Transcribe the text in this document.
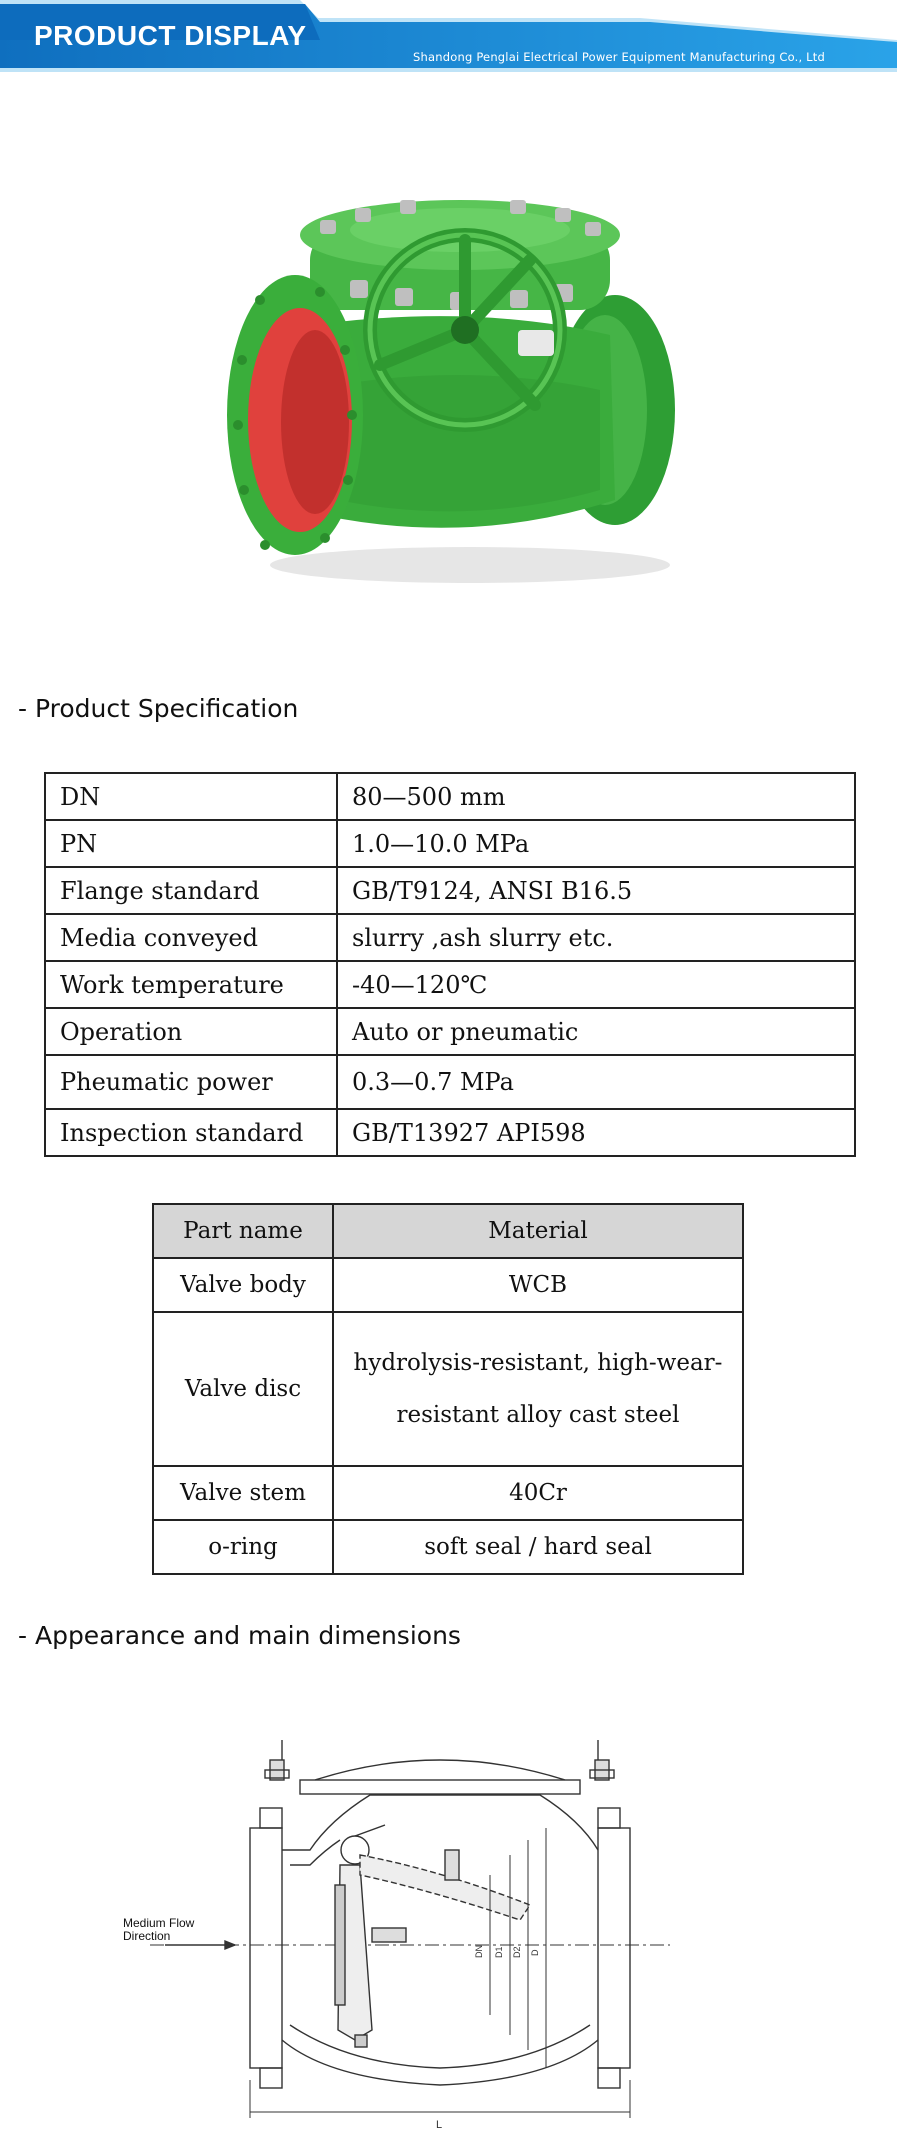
PRODUCT DISPLAY
Shandong Penglai Electrical Power Equipment Manufacturing Co., Ltd
- Product Specification
DN	80—500 mm
PN	1.0—10.0 MPa
Flange standard	GB/T9124, ANSI B16.5
Media conveyed	slurry ,ash slurry etc.
Work temperature	-40—120℃
Operation	Auto or pneumatic
Pheumatic power	0.3—0.7 MPa
Inspection standard	GB/T13927 API598
Part name	Material
Valve body	WCB
Valve disc	hydrolysis-resistant, high-wear-resistant alloy cast steel
Valve stem	40Cr
o-ring	soft seal / hard seal
- Appearance and main dimensions
L
DN D1 D2 D
Medium Flow
Direction
